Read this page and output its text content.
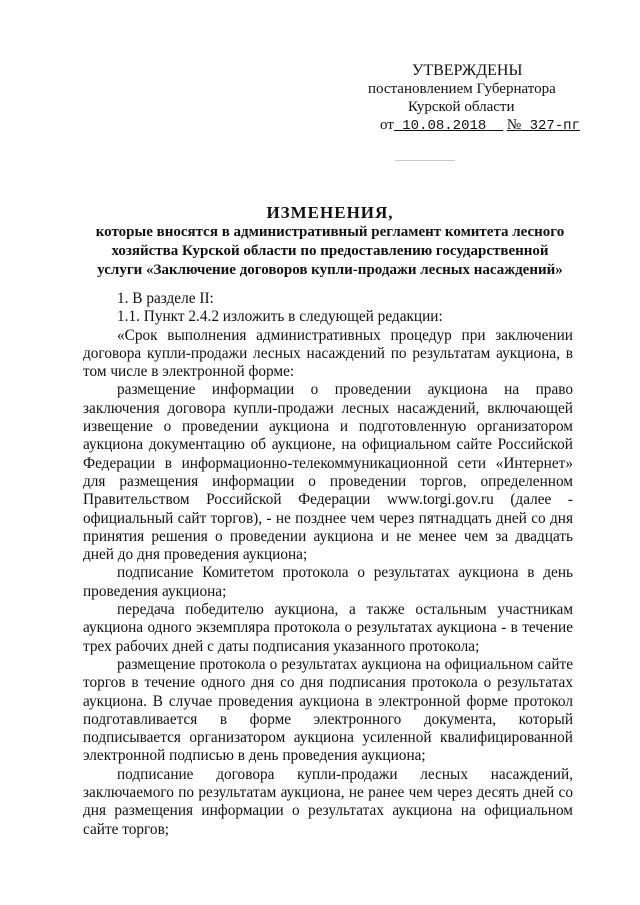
УТВЕРЖДЕНЫ
постановлением Губернатора
Курской области
от 10.08.2018 № 327-пг
ИЗМЕНЕНИЯ,
которые вносятся в административный регламент комитета лесного
хозяйства Курской области по предоставлению государственной
услуги «Заключение договоров купли-продажи лесных насаждений»

1. В разделе II:

1.1. Пункт 2.4.2 изложить в следующей редакции:

«Срок выполнения административных процедур при заключении договора купли-продажи лесных насаждений по результатам аукциона, в том числе в электронной форме:

размещение информации о проведении аукциона на право заключения договора купли-продажи лесных насаждений, включающей извещение о проведении аукциона и подготовленную организатором аукциона документацию об аукционе, на официальном сайте Российской Федерации в информационно-телекоммуникационной сети «Интернет» для размещения информации о проведении торгов, определенном Правительством Российской Федерации www.torgi.gov.ru (далее - официальный сайт торгов), - не позднее чем через пятнадцать дней со дня принятия решения о проведении аукциона и не менее чем за двадцать дней до дня проведения аукциона;

подписание Комитетом протокола о результатах аукциона в день проведения аукциона;

передача победителю аукциона, а также остальным участникам аукциона одного экземпляра протокола о результатах аукциона - в течение трех рабочих дней с даты подписания указанного протокола;

размещение протокола о результатах аукциона на официальном сайте торгов в течение одного дня со дня подписания протокола о результатах аукциона. В случае проведения аукциона в электронной форме протокол подготавливается в форме электронного документа, который подписывается организатором аукциона усиленной квалифицированной электронной подписью в день проведения аукциона;

подписание договора купли-продажи лесных насаждений, заключаемого по результатам аукциона, не ранее чем через десять дней со дня размещения информации о результатах аукциона на официальном сайте торгов;
